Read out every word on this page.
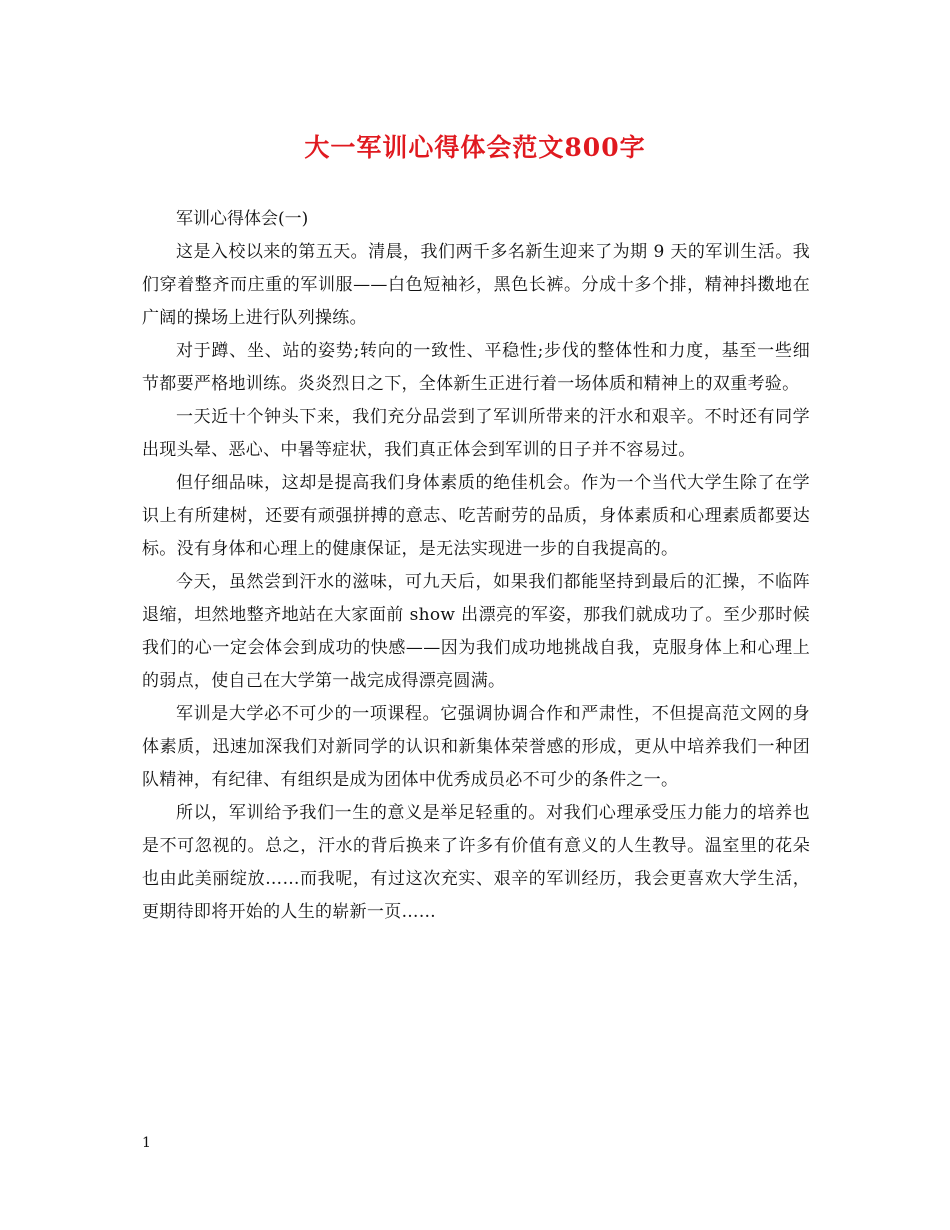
大一军训心得体会范文800字

军训心得体会(一)

这是入校以来的第五天。清晨，我们两千多名新生迎来了为期 9 天的军训生活。我们穿着整齐而庄重的军训服——白色短袖衫，黑色长裤。分成十多个排，精神抖擞地在广阔的操场上进行队列操练。

对于蹲、坐、站的姿势;转向的一致性、平稳性;步伐的整体性和力度，基至一些细节都要严格地训练。炎炎烈日之下，全体新生正进行着一场体质和精神上的双重考验。

一天近十个钟头下来，我们充分品尝到了军训所带来的汗水和艰辛。不时还有同学出现头晕、恶心、中暑等症状，我们真正体会到军训的日子并不容易过。

但仔细品味，这却是提高我们身体素质的绝佳机会。作为一个当代大学生除了在学识上有所建树，还要有顽强拼搏的意志、吃苦耐劳的品质，身体素质和心理素质都要达标。没有身体和心理上的健康保证，是无法实现进一步的自我提高的。

今天，虽然尝到汗水的滋味，可九天后，如果我们都能坚持到最后的汇操，不临阵退缩，坦然地整齐地站在大家面前 show 出漂亮的军姿，那我们就成功了。至少那时候我们的心一定会体会到成功的快感——因为我们成功地挑战自我，克服身体上和心理上的弱点，使自己在大学第一战完成得漂亮圆满。

军训是大学必不可少的一项课程。它强调协调合作和严肃性，不但提高范文网的身体素质，迅速加深我们对新同学的认识和新集体荣誉感的形成，更从中培养我们一种团队精神，有纪律、有组织是成为团体中优秀成员必不可少的条件之一。

所以，军训给予我们一生的意义是举足轻重的。对我们心理承受压力能力的培养也是不可忽视的。总之，汗水的背后换来了许多有价值有意义的人生教导。温室里的花朵也由此美丽绽放……而我呢，有过这次充实、艰辛的军训经历，我会更喜欢大学生活，更期待即将开始的人生的崭新一页……

1
